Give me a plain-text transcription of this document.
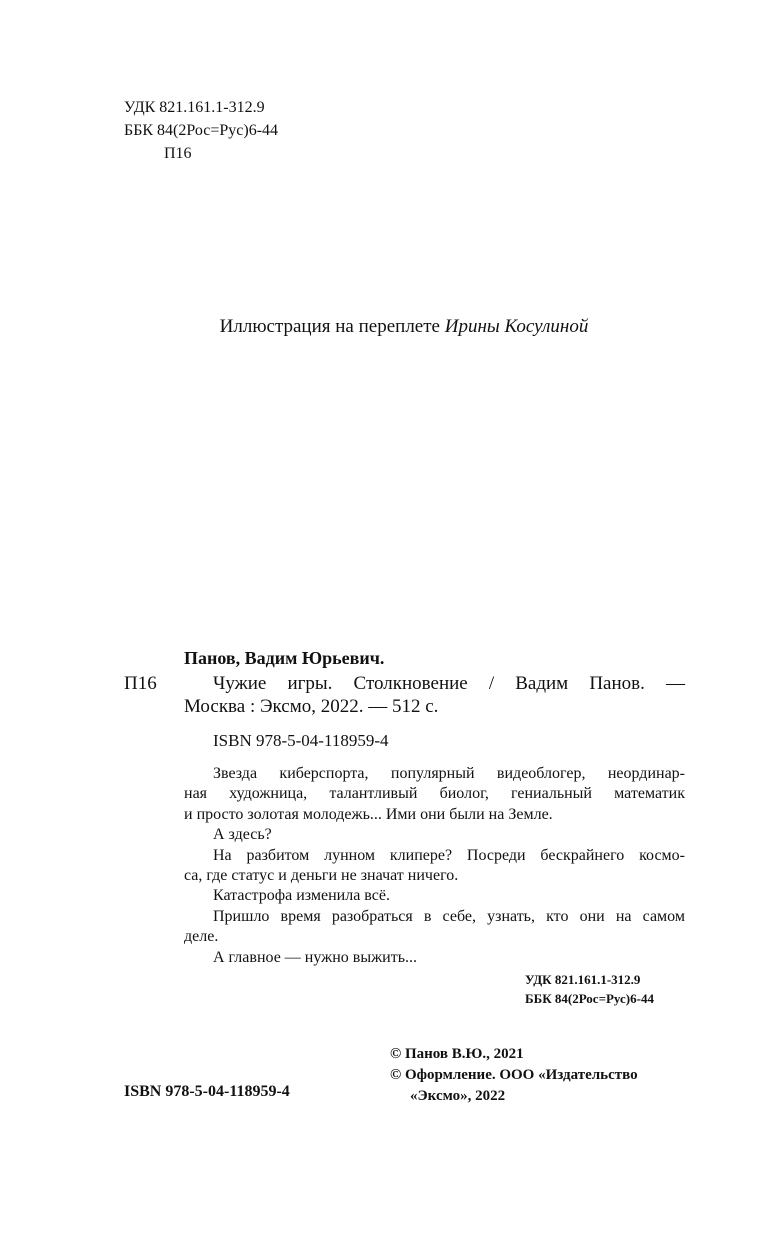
УДК 821.161.1-312.9
ББК 84(2Рос=Рус)6-44
П16
Иллюстрация на переплете Ирины Косулиной
Панов, Вадим Юрьевич.
П16	Чужие игры. Столкновение / Вадим Панов. —
Москва : Эксмо, 2022. — 512 с.
ISBN 978-5-04-118959-4
Звезда киберспорта, популярный видеоблогер, неординар-
ная художница, талантливый биолог, гениальный математик
и просто золотая молодежь... Ими они были на Земле.
А здесь?
На разбитом лунном клипере? Посреди бескрайнего космо-
са, где статус и деньги не значат ничего.
Катастрофа изменила всё.
Пришло время разобраться в себе, узнать, кто они на самом
деле.
А главное — нужно выжить...
УДК 821.161.1-312.9
ББК 84(2Рос=Рус)6-44
© Панов В.Ю., 2021
© Оформление. ООО «Издательство
«Эксмо», 2022
ISBN 978-5-04-118959-4
